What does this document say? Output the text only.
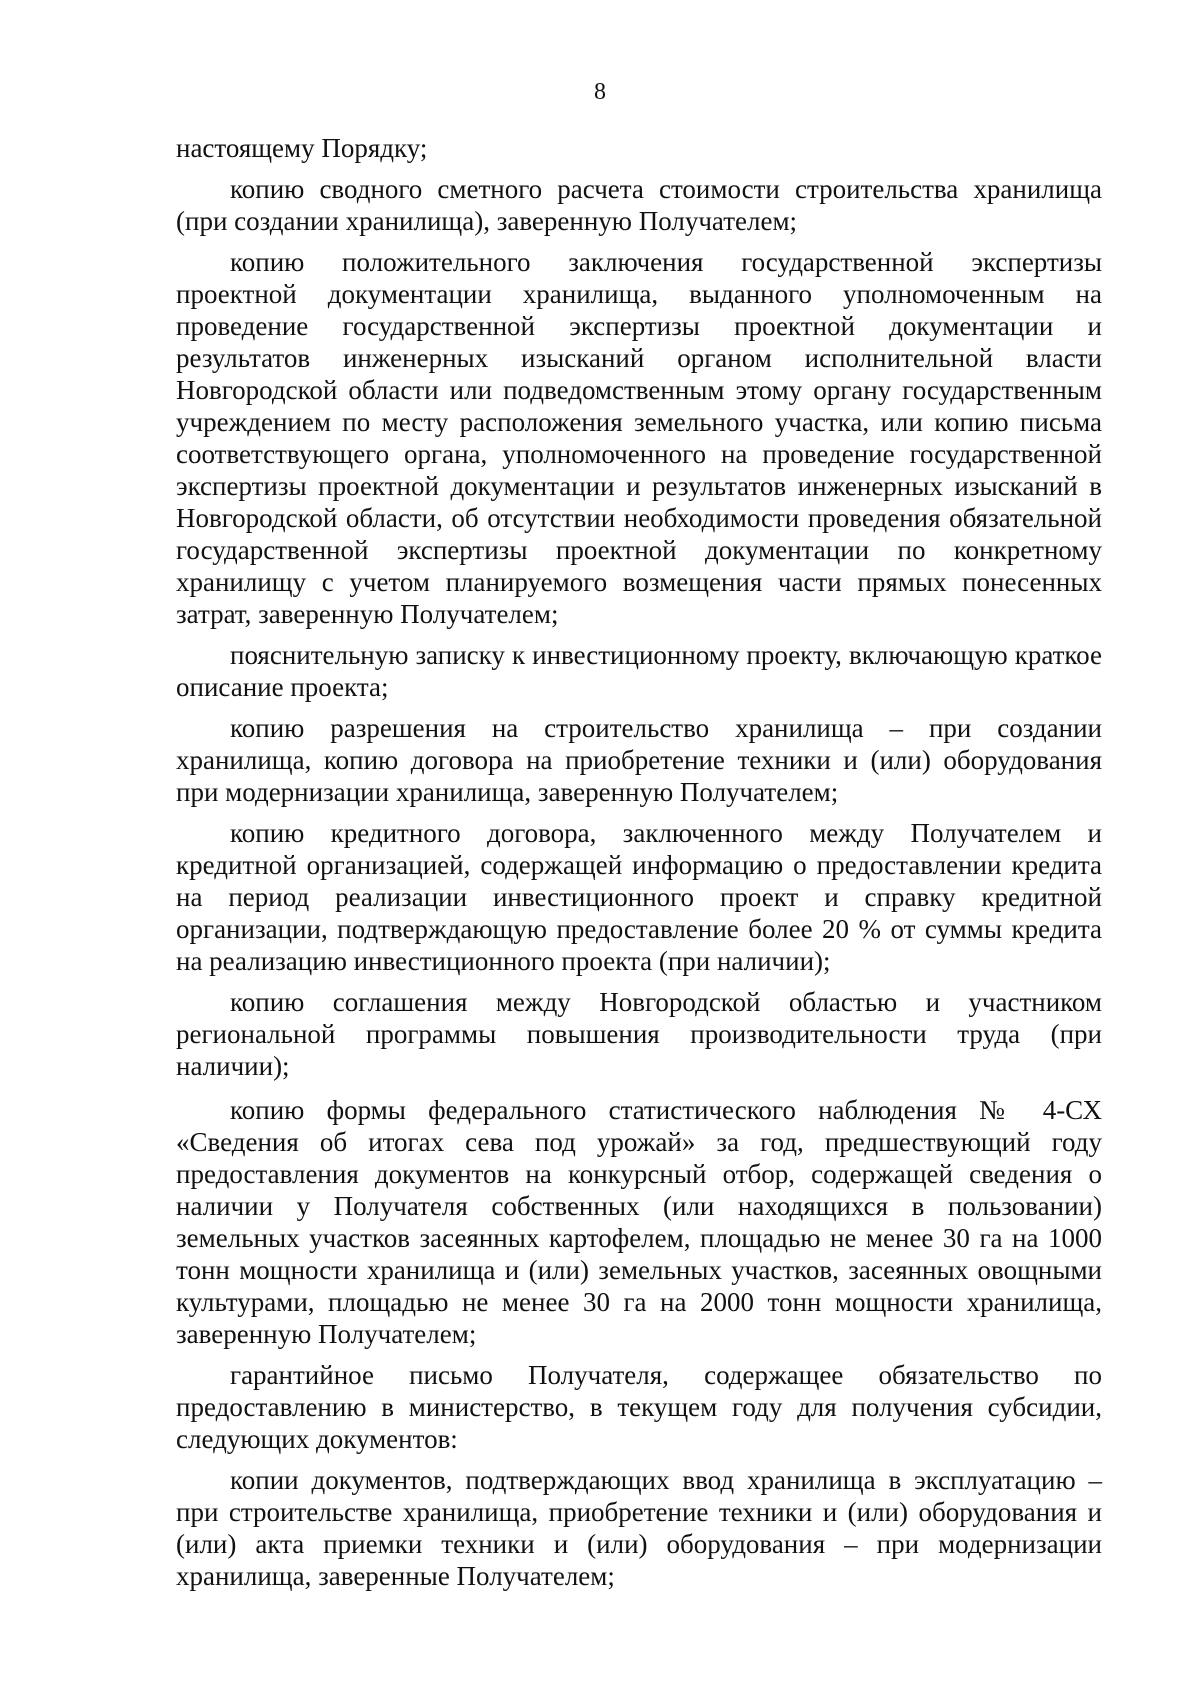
8

настоящему Порядку;

копию сводного сметного расчета стоимости строительства хранилища (при создании хранилища), заверенную Получателем;

копию положительного заключения государственной экспертизы проектной документации хранилища, выданного уполномоченным на проведение государственной экспертизы проектной документации и результатов инженерных изысканий органом исполнительной власти Новгородской области или подведомственным этому органу государственным учреждением по месту расположения земельного участка, или копию письма соответствующего органа, уполномоченного на проведение государственной экспертизы проектной документации и результатов инженерных изысканий в Новгородской области, об отсутствии необходимости проведения обязательной государственной экспертизы проектной документации по конкретному хранилищу с учетом планируемого возмещения части прямых понесенных затрат, заверенную Получателем;

пояснительную записку к инвестиционному проекту, включающую краткое описание проекта;

копию разрешения на строительство хранилища – при создании хранилища, копию договора на приобретение техники и (или) оборудования при модернизации хранилища, заверенную Получателем;

копию кредитного договора, заключенного между Получателем и кредитной организацией, содержащей информацию о предоставлении кредита на период реализации инвестиционного проект и справку кредитной организации, подтверждающую предоставление более 20 % от суммы кредита на реализацию инвестиционного проекта (при наличии);

копию соглашения между Новгородской областью и участником региональной программы повышения производительности труда (при наличии);

копию формы федерального статистического наблюдения № 4-СХ «Сведения об итогах сева под урожай» за год, предшествующий году предоставления документов на конкурсный отбор, содержащей сведения о наличии у Получателя собственных (или находящихся в пользовании) земельных участков засеянных картофелем, площадью не менее 30 га на 1000 тонн мощности хранилища и (или) земельных участков, засеянных овощными культурами, площадью не менее 30 га на 2000 тонн мощности хранилища, заверенную Получателем;

гарантийное письмо Получателя, содержащее обязательство по предоставлению в министерство, в текущем году для получения субсидии, следующих документов:

копии документов, подтверждающих ввод хранилища в эксплуатацию – при строительстве хранилища, приобретение техники и (или) оборудования и (или) акта приемки техники и (или) оборудования – при модернизации хранилища, заверенные Получателем;
